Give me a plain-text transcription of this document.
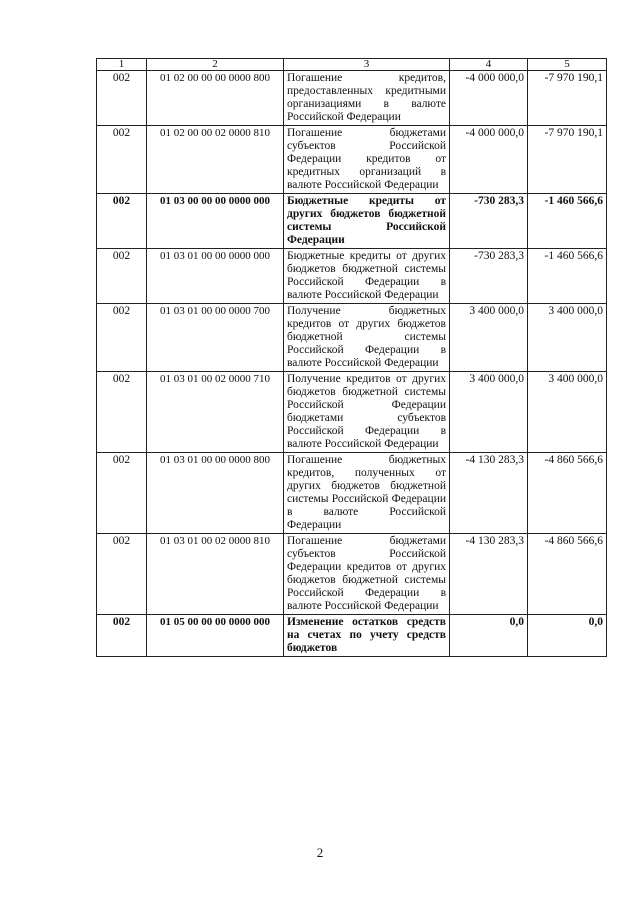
1	2	3	4	5
002	01 02 00 00 00 0000 800	Погашение кредитов, предоставленных кредитными организациями в валюте Российской Федерации	-4 000 000,0	-7 970 190,1
002	01 02 00 00 02 0000 810	Погашение бюджетами субъектов Российской Федерации кредитов от кредитных организаций в валюте Российской Федерации	-4 000 000,0	-7 970 190,1
002	01 03 00 00 00 0000 000	Бюджетные кредиты от других бюджетов бюджетной системы Российской Федерации	-730 283,3	-1 460 566,6
002	01 03 01 00 00 0000 000	Бюджетные кредиты от других бюджетов бюджетной системы Российской Федерации в валюте Российской Федерации	-730 283,3	-1 460 566,6
002	01 03 01 00 00 0000 700	Получение бюджетных кредитов от других бюджетов бюджетной системы Российской Федерации в валюте Российской Федерации	3 400 000,0	3 400 000,0
002	01 03 01 00 02 0000 710	Получение кредитов от других бюджетов бюджетной системы Российской Федерации бюджетами субъектов Российской Федерации в валюте Российской Федерации	3 400 000,0	3 400 000,0
002	01 03 01 00 00 0000 800	Погашение бюджетных кредитов, полученных от других бюджетов бюджетной системы Российской Федерации в валюте Российской Федерации	-4 130 283,3	-4 860 566,6
002	01 03 01 00 02 0000 810	Погашение бюджетами субъектов Российской Федерации кредитов от других бюджетов бюджетной системы Российской Федерации в валюте Российской Федерации	-4 130 283,3	-4 860 566,6
002	01 05 00 00 00 0000 000	Изменение остатков средств на счетах по учету средств бюджетов	0,0	0,0
2
